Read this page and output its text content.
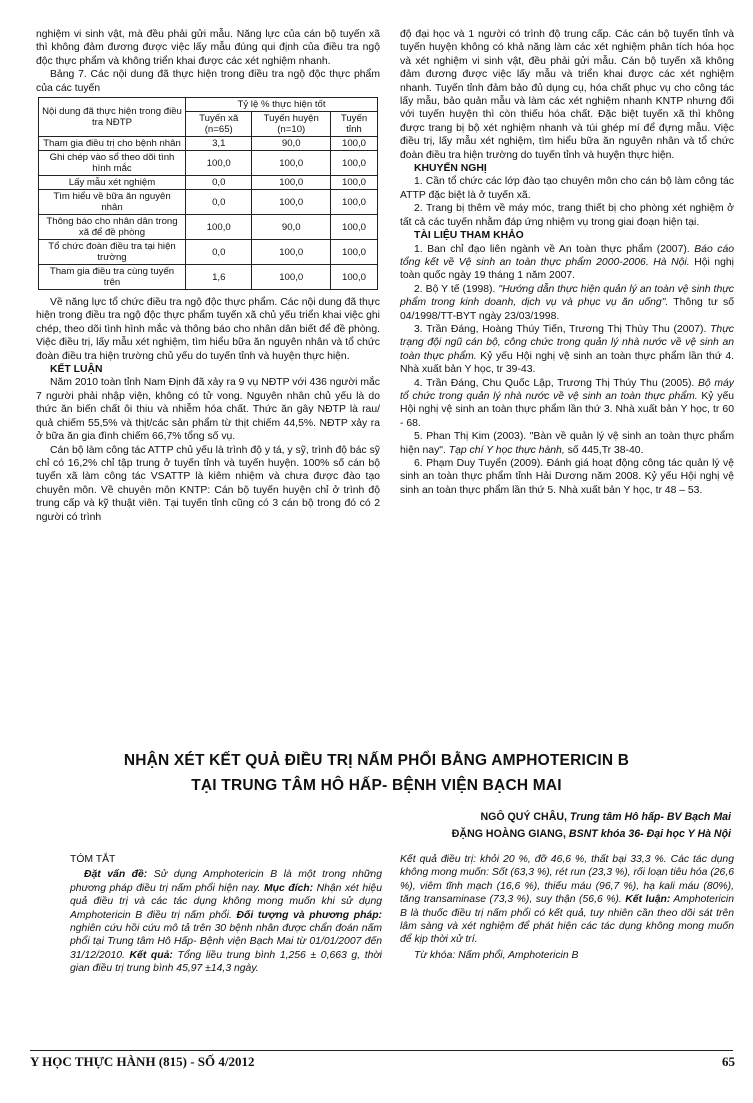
nghiệm vi sinh vật, mà đều phải gửi mẫu. Năng lực của cán bộ tuyến xã thì không đảm đương được việc lấy mẫu đúng qui định của điều tra ngộ độc thực phẩm và không triển khai được các xét nghiệm nhanh.

Bảng 7. Các nội dung đã thực hiện trong điều tra ngộ độc thực phẩm của các tuyến

Nội dung đã thực hiện trong điều tra NĐTP	Tỷ lệ % thực hiện tốt		
	Tuyến xã (n=65)	Tuyến huyện (n=10)	Tuyến tỉnh
Tham gia điều trị cho bệnh nhân	3,1	90,0	100,0
Ghi chép vào sổ theo dõi tình hình mắc	100,0	100,0	100,0
Lấy mẫu xét nghiệm	0,0	100,0	100,0
Tìm hiểu về bữa ăn nguyên nhân	0,0	100,0	100,0
Thông báo cho nhân dân trong xã để đề phòng	100,0	90,0	100,0
Tổ chức đoàn điều tra tại hiện trường	0,0	100,0	100,0
Tham gia điều tra cùng tuyến trên	1,6	100,0	100,0

Về năng lực tổ chức điều tra ngộ độc thực phẩm. Các nội dung đã thực hiện trong điều tra ngộ độc thực phẩm tuyến xã chủ yếu triển khai việc ghi chép, theo dõi tình hình mắc và thông báo cho nhân dân biết để đề phòng. Việc điều trị, lấy mẫu xét nghiệm, tìm hiểu bữa ăn nguyên nhân và tổ chức đoàn điều tra hiện trường chủ yếu do tuyến tỉnh và huyện thực hiện.

KẾT LUẬN

Năm 2010 toàn tỉnh Nam Định đã xảy ra 9 vụ NĐTP với 436 người mắc 7 người phải nhập viện, không có tử vong. Nguyên nhân chủ yếu là do thức ăn biến chất ôi thiu và nhiễm hóa chất. Thức ăn gây NĐTP là rau/ quả chiếm 55,5% và thịt/các sản phẩm từ thịt chiếm 44,5%. NĐTP xảy ra ở bữa ăn gia đình chiếm 66,7% tổng số vụ.

Cán bộ làm công tác ATTP chủ yếu là trình độ y tá, y sỹ, trình độ bác sỹ chỉ có 16,2% chỉ tập trung ở tuyến tỉnh và tuyến huyện. 100% số cán bộ tuyến xã làm công tác VSATTP là kiêm nhiệm và chưa được đào tạo chuyên môn. Về chuyên môn KNTP: Cán bộ tuyến huyện chỉ ở trình độ trung cấp và kỹ thuật viên. Tại tuyến tỉnh cũng có 3 cán bộ trong đó có 2 người có trình

độ đại học và 1 người có trình độ trung cấp. Các cán bộ tuyến tỉnh và tuyến huyện không có khả năng làm các xét nghiệm phân tích hóa học và xét nghiệm vi sinh vật, đều phải gửi mẫu. Cán bộ tuyến xã không đảm đương được việc lấy mẫu và triển khai được các xét nghiệm nhanh. Tuyến tỉnh đảm bảo đủ dụng cụ, hóa chất phục vụ cho công tác lấy mẫu, bảo quản mẫu và làm các xét nghiệm nhanh KNTP nhưng đối với tuyến huyện thì còn thiếu hóa chất. Đặc biệt tuyến xã thì không được trang bị bộ xét nghiệm nhanh và túi ghép mí để đựng mẫu. Việc điều trị, lấy mẫu xét nghiệm, tìm hiểu bữa ăn nguyên nhân và tổ chức đoàn điều tra hiện trường do tuyến tỉnh và huyện thực hiện.

KHUYẾN NGHỊ

1. Cần tổ chức các lớp đào tạo chuyên môn cho cán bộ làm công tác ATTP đặc biệt là ở tuyến xã.

2. Trang bị thêm về máy móc, trang thiết bị cho phòng xét nghiệm ở tất cả các tuyến nhằm đáp ứng nhiệm vụ trong giai đoạn hiện tại.

TÀI LIỆU THAM KHẢO

1. Ban chỉ đạo liên ngành về An toàn thực phẩm (2007). Báo cáo tổng kết về Vệ sinh an toàn thực phẩm 2000-2006. Hà Nội. Hội nghị toàn quốc ngày 19 tháng 1 năm 2007.

2. Bộ Y tế (1998). "Hướng dẫn thực hiện quản lý an toàn vệ sinh thực phẩm trong kinh doanh, dịch vụ và phục vụ ăn uống". Thông tư số 04/1998/TT-BYT ngày 23/03/1998.

3. Trần Đáng, Hoàng Thúy Tiến, Trương Thị Thùy Thu (2007). Thực trạng đội ngũ cán bộ, công chức trong quản lý nhà nước về vệ sinh an toàn thực phẩm. Kỷ yếu Hội nghị vệ sinh an toàn thực phẩm lần thứ 4. Nhà xuất bản Y học, tr 39-43.

4. Trần Đáng, Chu Quốc Lập, Trương Thị Thúy Thu (2005). Bộ máy tổ chức trong quản lý nhà nước về vệ sinh an toàn thực phẩm. Kỷ yếu Hội nghị vệ sinh an toàn thực phẩm lần thứ 3. Nhà xuất bản Y học, tr 60 - 68.

5. Phan Thị Kim (2003). "Bàn về quản lý vệ sinh an toàn thực phẩm hiện nay". Tạp chí Y học thực hành, số 445,Tr 38-40.

6. Phạm Duy Tuyển (2009). Đánh giá hoạt động công tác quản lý vệ sinh an toàn thực phẩm tỉnh Hải Dương năm 2008. Kỷ yếu Hội nghị vệ sinh an toàn thực phẩm lần thứ 5. Nhà xuất bản Y học, tr 48 – 53.

NHẬN XÉT KẾT QUẢ ĐIỀU TRỊ NẤM PHỔI BẰNG AMPHOTERICIN B
TẠI TRUNG TÂM HÔ HẤP- BỆNH VIỆN BẠCH MAI
NGÔ QUÝ CHÂU, Trung tâm Hô hấp- BV Bạch Mai
ĐẶNG HOÀNG GIANG, BSNT khóa 36- Đại học Y Hà Nội

TÓM TẮT

Đặt vấn đề: Sử dụng Amphotericin B là một trong những phương pháp điều trị nấm phổi hiện nay. Mục đích: Nhận xét hiệu quả điều trị và các tác dụng không mong muốn khi sử dụng Amphotericin B điều trị nấm phổi. Đối tượng và phương pháp: nghiên cứu hồi cứu mô tả trên 30 bệnh nhân được chẩn đoán nấm phổi tại Trung tâm Hô Hấp- Bệnh viện Bạch Mai từ 01/01/2007 đến 31/12/2010. Kết quả: Tổng liều trung bình 1,256 ± 0,663 g, thời gian điều trị trung bình 45,97 ±14,3 ngày.

Kết quả điều trị: khỏi 20 %, đỡ 46,6 %, thất bại 33,3 %. Các tác dụng không mong muốn: Sốt (63,3 %), rét run (23,3 %), rối loạn tiêu hóa (26,6 %), viêm tĩnh mạch (16,6 %), thiếu máu (96,7 %), hạ kali máu (80%), tăng transaminase (73,3 %), suy thận (56,6 %). Kết luận: Amphotericin B là thuốc điều trị nấm phổi có kết quả, tuy nhiên cần theo dõi sát trên lâm sàng và xét nghiệm để phát hiện các tác dụng không mong muốn để kịp thời xử trí.

Từ khóa: Nấm phổi, Amphotericin B

Y HỌC THỰC HÀNH (815) - SỐ 4/2012	65
